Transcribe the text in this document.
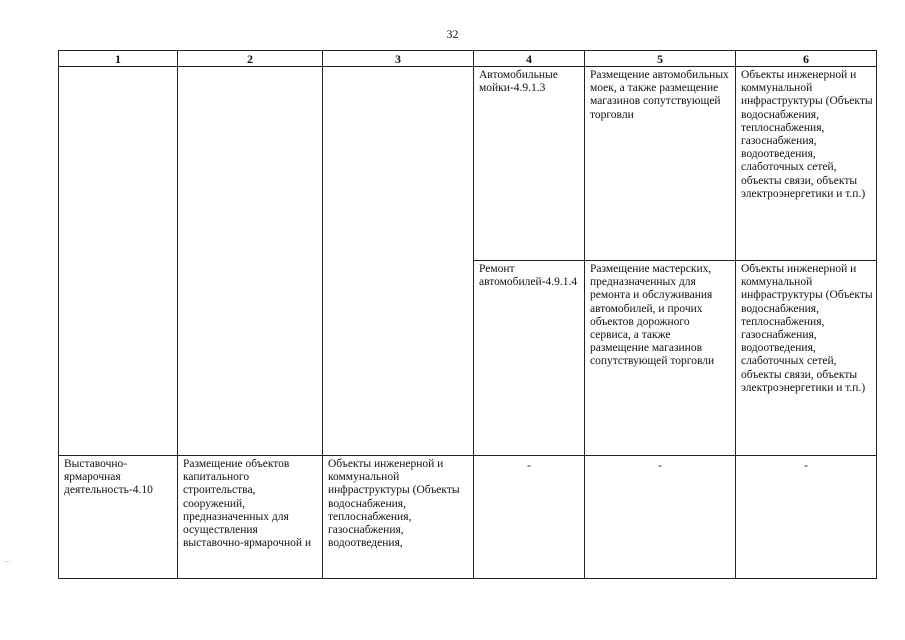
32
1	2	3	4	5	6
			Автомобильные мойки-4.9.1.3	Размещение автомобильных моек, а также размещение магазинов сопутствующей торговли	Объекты инженерной и коммунальной инфраструктуры (Объекты водоснабжения, теплоснабжения, газоснабжения, водоотведения, слаботочных сетей, объекты связи, объекты электроэнергетики и т.п.)
			Ремонт автомобилей-4.9.1.4	Размещение мастерских, предназначенных для ремонта и обслуживания автомобилей, и прочих объектов дорожного сервиса, а также размещение магазинов сопутствующей торговли	Объекты инженерной и коммунальной инфраструктуры (Объекты водоснабжения, теплоснабжения, газоснабжения, водоотведения, слаботочных сетей, объекты связи, объекты электроэнергетики и т.п.)
Выставочно-ярмарочная деятельность-4.10	Размещение объектов капитального строительства, сооружений, предназначенных для осуществления выставочно-ярмарочной и	Объекты инженерной и коммунальной инфраструктуры (Объекты водоснабжения, теплоснабжения, газоснабжения, водоотведения,	-	-	-
⋮
